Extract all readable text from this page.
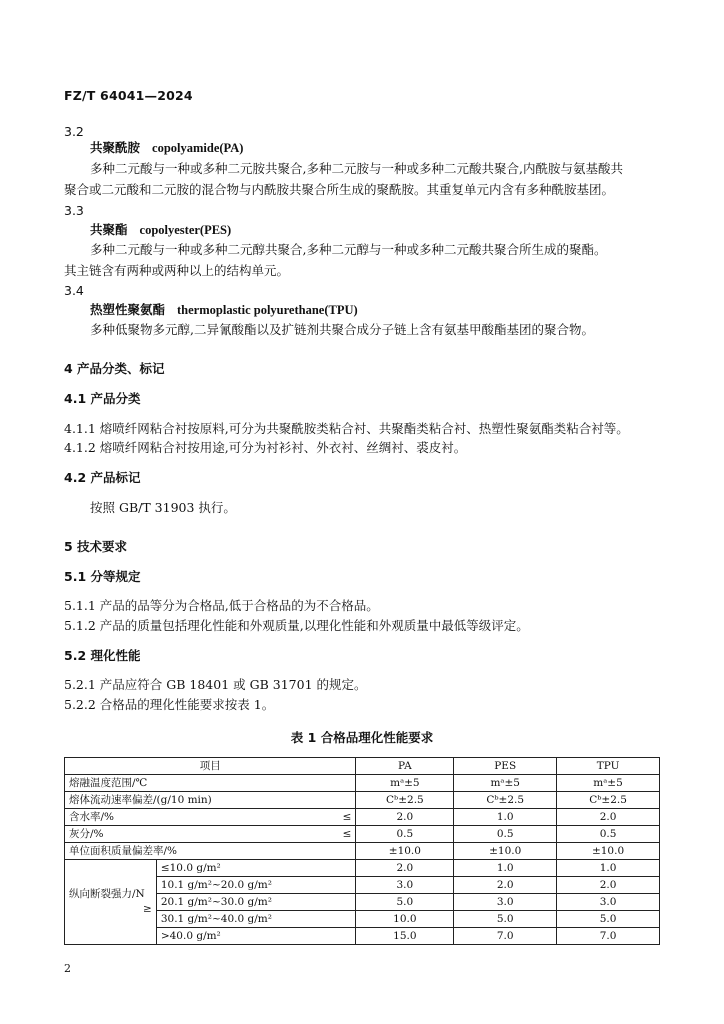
FZ/T 64041—2024
3.2
共聚酰胺 copolyamide(PA)
多种二元酸与一种或多种二元胺共聚合,多种二元胺与一种或多种二元酸共聚合,内酰胺与氨基酸共
聚合或二元酸和二元胺的混合物与内酰胺共聚合所生成的聚酰胺。其重复单元内含有多种酰胺基团。
3.3
共聚酯 copolyester(PES)
多种二元酸与一种或多种二元醇共聚合,多种二元醇与一种或多种二元酸共聚合所生成的聚酯。
其主链含有两种或两种以上的结构单元。
3.4
热塑性聚氨酯 thermoplastic polyurethane(TPU)
多种低聚物多元醇,二异氰酸酯以及扩链剂共聚合成分子链上含有氨基甲酸酯基团的聚合物。
4 产品分类、标记
4.1 产品分类
4.1.1 熔喷纤网粘合衬按原料,可分为共聚酰胺类粘合衬、共聚酯类粘合衬、热塑性聚氨酯类粘合衬等。
4.1.2 熔喷纤网粘合衬按用途,可分为衬衫衬、外衣衬、丝绸衬、裘皮衬。
4.2 产品标记
按照 GB/T 31903 执行。
5 技术要求
5.1 分等规定
5.1.1 产品的品等分为合格品,低于合格品的为不合格品。
5.1.2 产品的质量包括理化性能和外观质量,以理化性能和外观质量中最低等级评定。
5.2 理化性能
5.2.1 产品应符合 GB 18401 或 GB 31701 的规定。
5.2.2 合格品的理化性能要求按表 1。
表 1 合格品理化性能要求
项目		PA	PES	TPU
熔融温度范围/℃		mᵃ±5	mᵃ±5	mᵃ±5
熔体流动速率偏差/(g/10 min)		Cᵇ±2.5	Cᵇ±2.5	Cᵇ±2.5
含水率/% ≤		2.0	1.0	2.0
灰分/% ≤		0.5	0.5	0.5
单位面积质量偏差率/%		±10.0	±10.0	±10.0
纵向断裂强力/N
≥	≤10.0 g/m²	2.0	1.0	1.0
	10.1 g/m²~20.0 g/m²	3.0	2.0	2.0
	20.1 g/m²~30.0 g/m²	5.0	3.0	3.0
	30.1 g/m²~40.0 g/m²	10.0	5.0	5.0
	>40.0 g/m²	15.0	7.0	7.0
2
